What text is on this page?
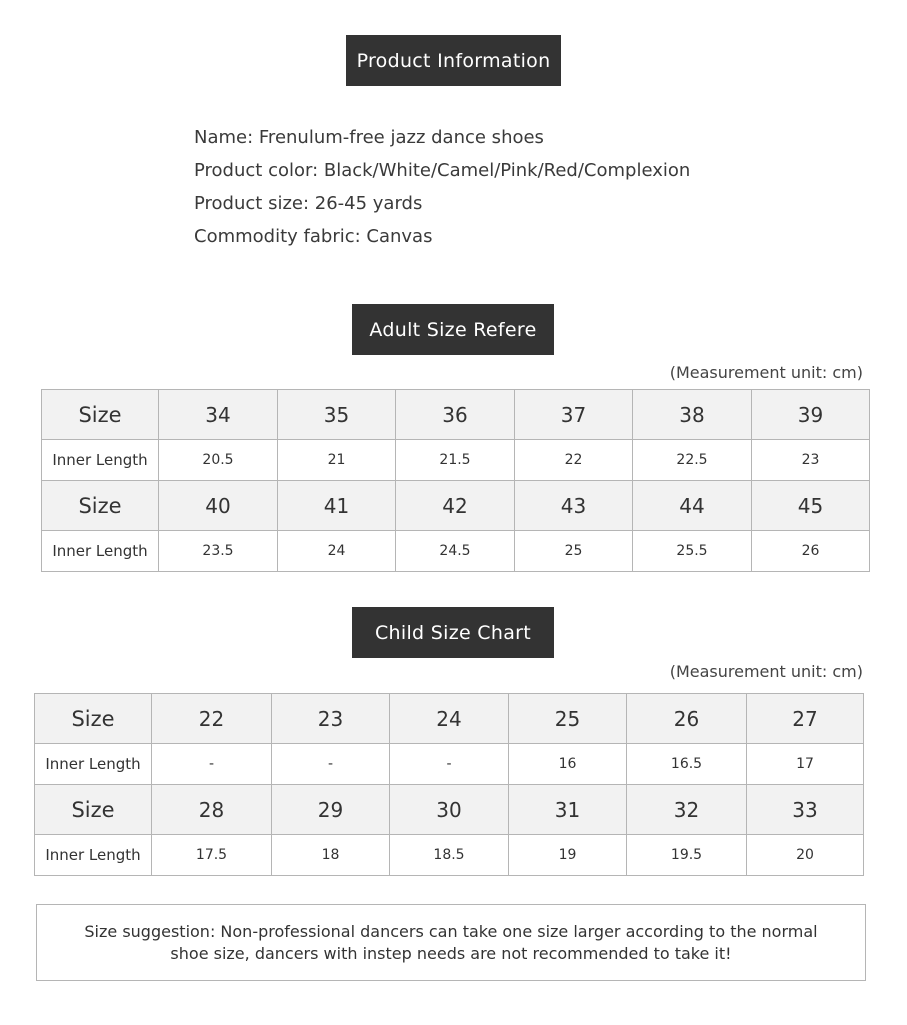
Product Information
Name: Frenulum-free jazz dance shoes
Product color: Black/White/Camel/Pink/Red/Complexion
Product size: 26-45 yards
Commodity fabric: Canvas
Adult Size Refere
(Measurement unit: cm)
Size	34	35	36	37	38	39
Inner Length	20.5	21	21.5	22	22.5	23
Size	40	41	42	43	44	45
Inner Length	23.5	24	24.5	25	25.5	26
Child Size Chart
(Measurement unit: cm)
Size	22	23	24	25	26	27
Inner Length	-	-	-	16	16.5	17
Size	28	29	30	31	32	33
Inner Length	17.5	18	18.5	19	19.5	20
Size suggestion: Non-professional dancers can take one size larger according to the normal
shoe size, dancers with instep needs are not recommended to take it!
